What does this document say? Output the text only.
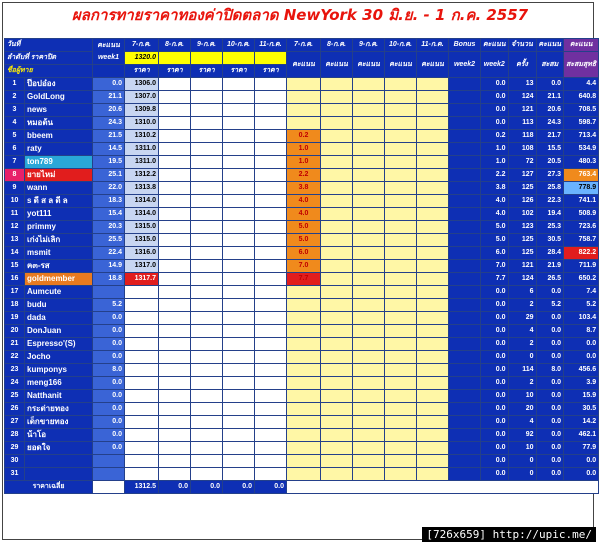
ผลการทายราคาทองค่าปิดตลาด NewYork 30 มิ.ย. - 1 ก.ค. 2557
วันที่		คะแนน
week1	7-ก.ค.	8-ก.ค.	9-ก.ค.	10-ก.ค.	11-ก.ค.	7-ก.ค.	8-ก.ค.	9-ก.ค.	10-ก.ค.	11-ก.ค.	Bonus	คะแนน	จำนวน	คะแนน	คะแนน
ลำดับที่ ราคาปิด			1320.0					คะแนน	คะแนน	คะแนน	คะแนน	คะแนน	week2	week2	ครั้ง	สะสม	สะสมสุทธิ
ชื่อผู้ทาย			ราคา	ราคา	ราคา	ราคา	ราคา										
1	ป๊อปอ๋อง	0.0	1306.0											0.0	13	0.0	4.4
2	GoldLong	21.1	1307.0											0.0	124	21.1	640.8
3	news	20.6	1309.8											0.0	121	20.6	708.5
4	หมอต้น	24.3	1310.0											0.0	113	24.3	598.7
5	bbeem	21.5	1310.2					0.2						0.2	118	21.7	713.4
6	raty	14.5	1311.0					1.0						1.0	108	15.5	534.9
7	ton789	19.5	1311.0					1.0						1.0	72	20.5	480.3
8	ยายไหม่	25.1	1312.2					2.2						2.2	127	27.3	763.4
9	wann	22.0	1313.8					3.8						3.8	125	25.8	778.9
10	s ดี ส ล ดี ล	18.3	1314.0					4.0						4.0	126	22.3	741.1
11	yot111	15.4	1314.0					4.0						4.0	102	19.4	508.9
12	primmy	20.3	1315.0					5.0						5.0	123	25.3	723.6
13	เก่งไม่เลิก	25.5	1315.0					5.0						5.0	125	30.5	758.7
14	msmit	22.4	1316.0					6.0						6.0	125	28.4	822.2
15	ฅ๓-รส	14.9	1317.0					7.0						7.0	121	21.9	711.9
16	goldmember	18.8	1317.7					7.7						7.7	124	26.5	650.2
17	Aumcute													0.0	6	0.0	7.4
18	budu	5.2												0.0	2	5.2	5.2
19	dada	0.0												0.0	29	0.0	103.4
20	DonJuan	0.0												0.0	4	0.0	8.7
21	Espresso'(S)	0.0												0.0	2	0.0	0.0
22	Jocho	0.0												0.0	0	0.0	0.0
23	kumponys	8.0												0.0	114	8.0	456.6
24	meng166	0.0												0.0	2	0.0	3.9
25	Natthanit	0.0												0.0	10	0.0	15.9
26	กระต่ายทอง	0.0												0.0	20	0.0	30.5
27	เด็กขายทอง	0.0												0.0	4	0.0	14.2
28	น้าโอ	0.0												0.0	92	0.0	462.1
29	ยอดใจ	0.0												0.0	10	0.0	77.9
30														0.0	0	0.0	0.0
31														0.0	0	0.0	0.0
ราคาเฉลี่ย			1312.5	0.0	0.0	0.0	0.0										
[726x659] http://upic.me/
